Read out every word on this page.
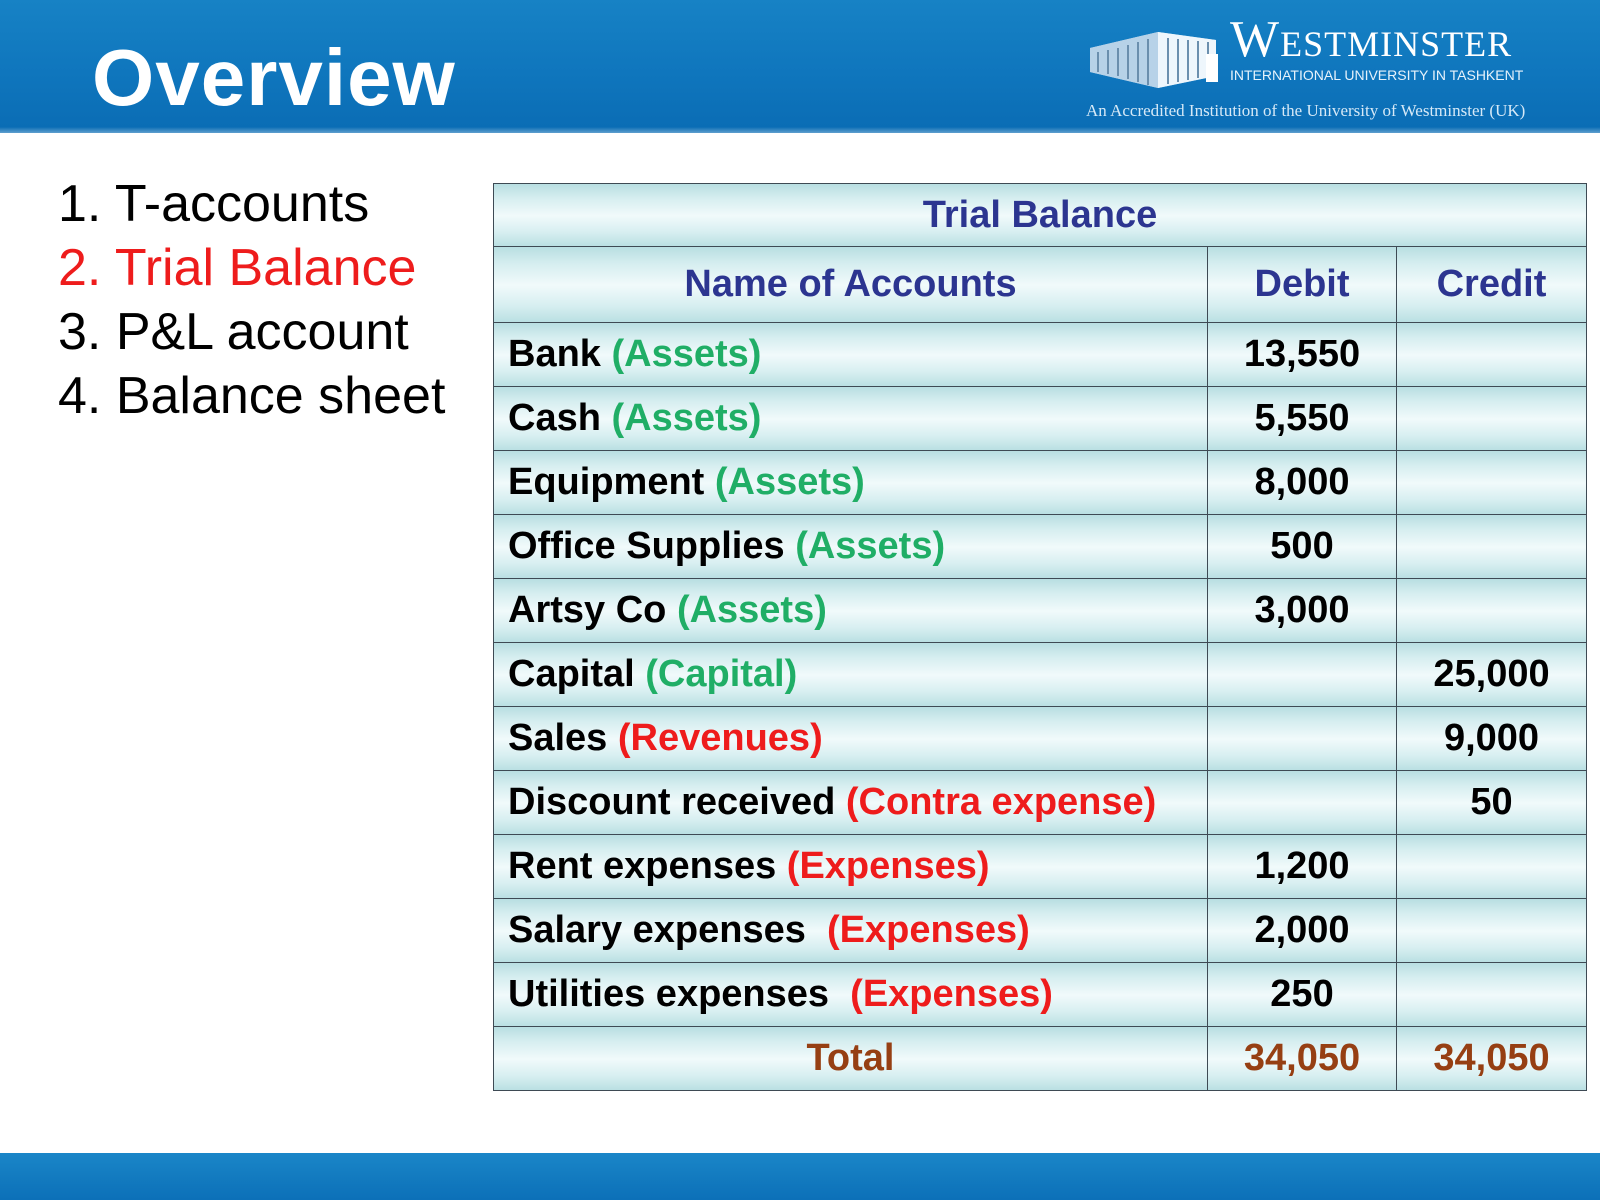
Overview	Westminster
INTERNATIONAL UNIVERSITY IN TASHKENT
An Accredited Institution of the University of Westminster (UK)
1. T-accounts
2. Trial Balance
3. P&L account
4. Balance sheet
Trial Balance		
Name of Accounts	Debit	Credit
Bank (Assets)	13,550	
Cash (Assets)	5,550	
Equipment (Assets)	8,000	
Office Supplies (Assets)	500	
Artsy Co (Assets)	3,000	
Capital (Capital)		25,000
Sales (Revenues)		9,000
Discount received (Contra expense)		50
Rent expenses (Expenses)	1,200	
Salary expenses (Expenses)	2,000	
Utilities expenses (Expenses)	250	
Total	34,050	34,050
